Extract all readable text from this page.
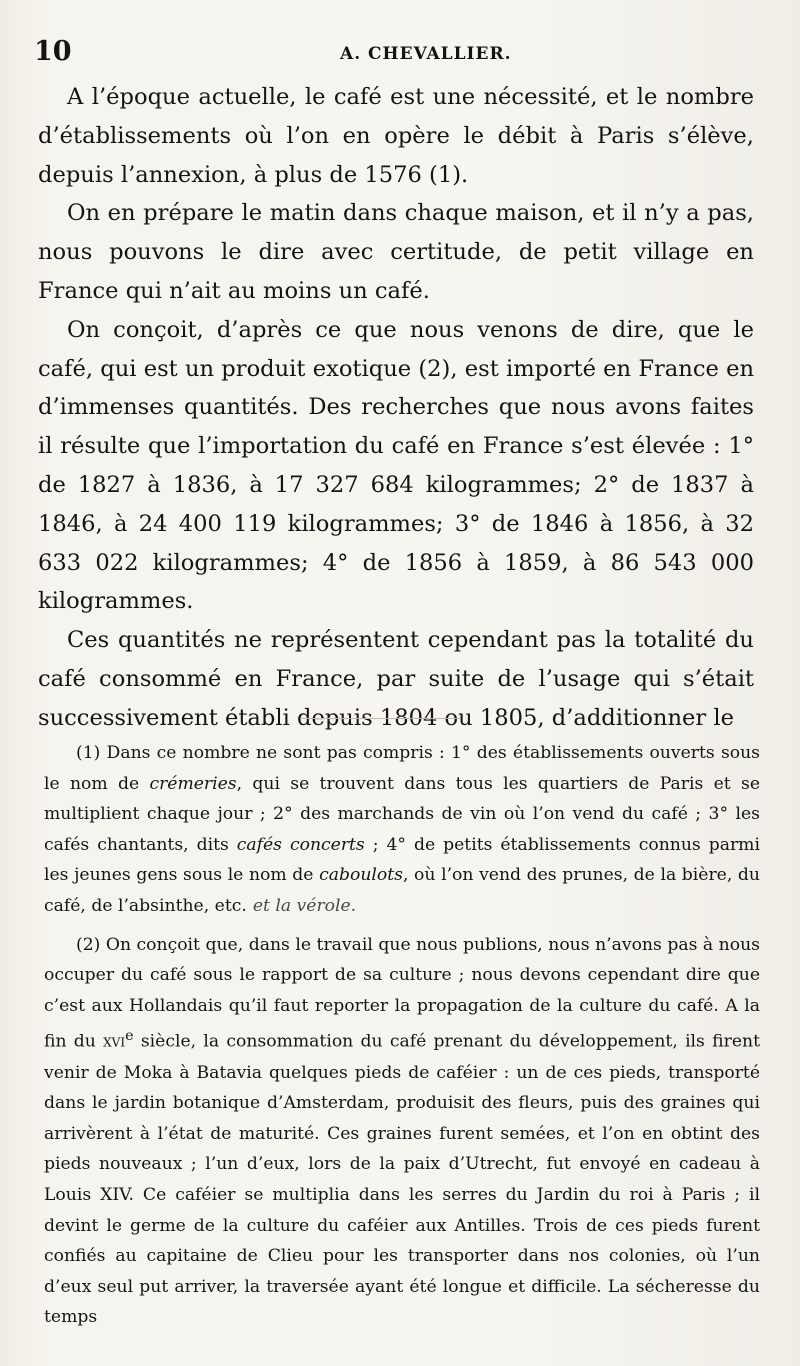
10	A. CHEVALLIER.

A l’époque actuelle, le café est une nécessité, et le nombre d’établissements où l’on en opère le débit à Paris s’élève, depuis l’annexion, à plus de 1576 (1).

On en prépare le matin dans chaque maison, et il n’y a pas, nous pouvons le dire avec certitude, de petit village en France qui n’ait au moins un café.

On conçoit, d’après ce que nous venons de dire, que le café, qui est un produit exotique (2), est importé en France en d’immenses quantités. Des recherches que nous avons faites il résulte que l’importation du café en France s’est élevée : 1° de 1827 à 1836, à 17 327 684 kilogrammes; 2° de 1837 à 1846, à 24 400 119 kilogrammes; 3° de 1846 à 1856, à 32 633 022 kilogrammes; 4° de 1856 à 1859, à 86 543 000 kilogrammes.

Ces quantités ne représentent cependant pas la totalité du café consommé en France, par suite de l’usage qui s’était successivement établi depuis 1804 ou 1805, d’additionner le

(1) Dans ce nombre ne sont pas compris : 1° des établissements ouverts sous le nom de crémeries, qui se trouvent dans tous les quartiers de Paris et se multiplient chaque jour ; 2° des marchands de vin où l’on vend du café ; 3° les cafés chantants, dits cafés concerts ; 4° de petits établissements connus parmi les jeunes gens sous le nom de caboulots, où l’on vend des prunes, de la bière, du café, de l’absinthe, etc. et la vérole.

(2) On conçoit que, dans le travail que nous publions, nous n’avons pas à nous occuper du café sous le rapport de sa culture ; nous devons cependant dire que c’est aux Hollandais qu’il faut reporter la propagation de la culture du café. A la fin du xvi$^e$ siècle, la consommation du café prenant du développement, ils firent venir de Moka à Batavia quelques pieds de caféier : un de ces pieds, transporté dans le jardin botanique d’Amsterdam, produisit des fleurs, puis des graines qui arrivèrent à l’état de maturité. Ces graines furent semées, et l’on en obtint des pieds nouveaux ; l’un d’eux, lors de la paix d’Utrecht, fut envoyé en cadeau à Louis XIV. Ce caféier se multiplia dans les serres du Jardin du roi à Paris ; il devint le germe de la culture du caféier aux Antilles. Trois de ces pieds furent confiés au capitaine de Clieu pour les transporter dans nos colonies, où l’un d’eux seul put arriver, la traversée ayant été longue et difficile. La sécheresse du temps
